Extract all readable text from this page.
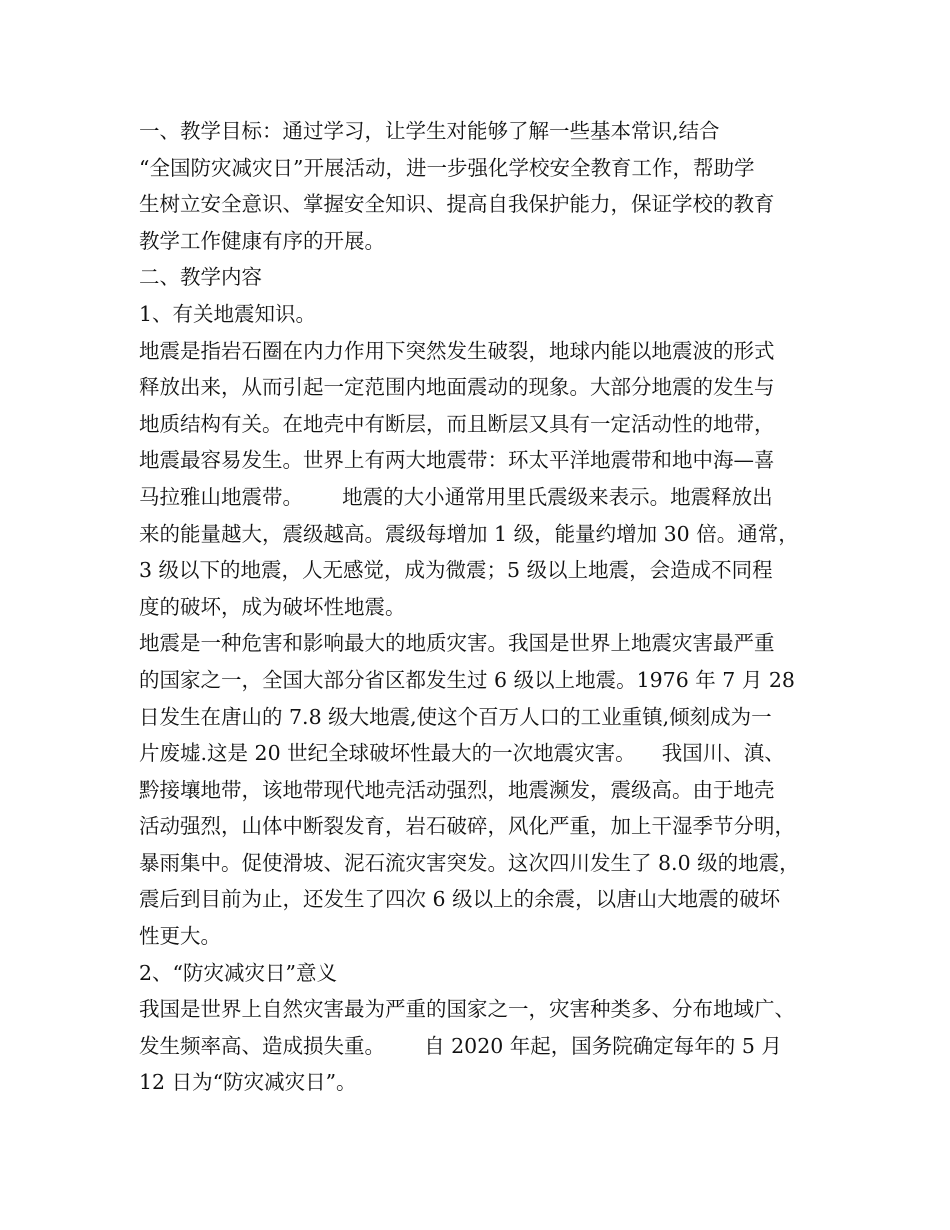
一、教学目标：通过学习，让学生对能够了解一些基本常识,结合
“全国防灾减灾日”开展活动，进一步强化学校安全教育工作，帮助学
生树立安全意识、掌握安全知识、提高自我保护能力，保证学校的教育
教学工作健康有序的开展。
二、教学内容
1、有关地震知识。
地震是指岩石圈在内力作用下突然发生破裂，地球内能以地震波的形式
释放出来，从而引起一定范围内地面震动的现象。大部分地震的发生与
地质结构有关。在地壳中有断层，而且断层又具有一定活动性的地带，
地震最容易发生。世界上有两大地震带：环太平洋地震带和地中海—喜
马拉雅山地震带。      地震的大小通常用里氏震级来表示。地震释放出
来的能量越大，震级越高。震级每增加 1 级，能量约增加 30 倍。通常，
3 级以下的地震，人无感觉，成为微震；5 级以上地震，会造成不同程
度的破坏，成为破坏性地震。
地震是一种危害和影响最大的地质灾害。我国是世界上地震灾害最严重
的国家之一，全国大部分省区都发生过 6 级以上地震。1976 年 7 月 28
日发生在唐山的 7.8 级大地震,使这个百万人口的工业重镇,倾刻成为一
片废墟.这是 20 世纪全球破坏性最大的一次地震灾害。    我国川、滇、
黔接壤地带，该地带现代地壳活动强烈，地震濒发，震级高。由于地壳
活动强烈，山体中断裂发育，岩石破碎，风化严重，加上干湿季节分明，
暴雨集中。促使滑坡、泥石流灾害突发。这次四川发生了 8.0 级的地震，
震后到目前为止，还发生了四次 6 级以上的余震，以唐山大地震的破坏
性更大。
2、“防灾减灾日”意义
我国是世界上自然灾害最为严重的国家之一，灾害种类多、分布地域广、
发生频率高、造成损失重。      自 2020 年起，国务院确定每年的 5 月
12 日为“防灾减灾日”。
